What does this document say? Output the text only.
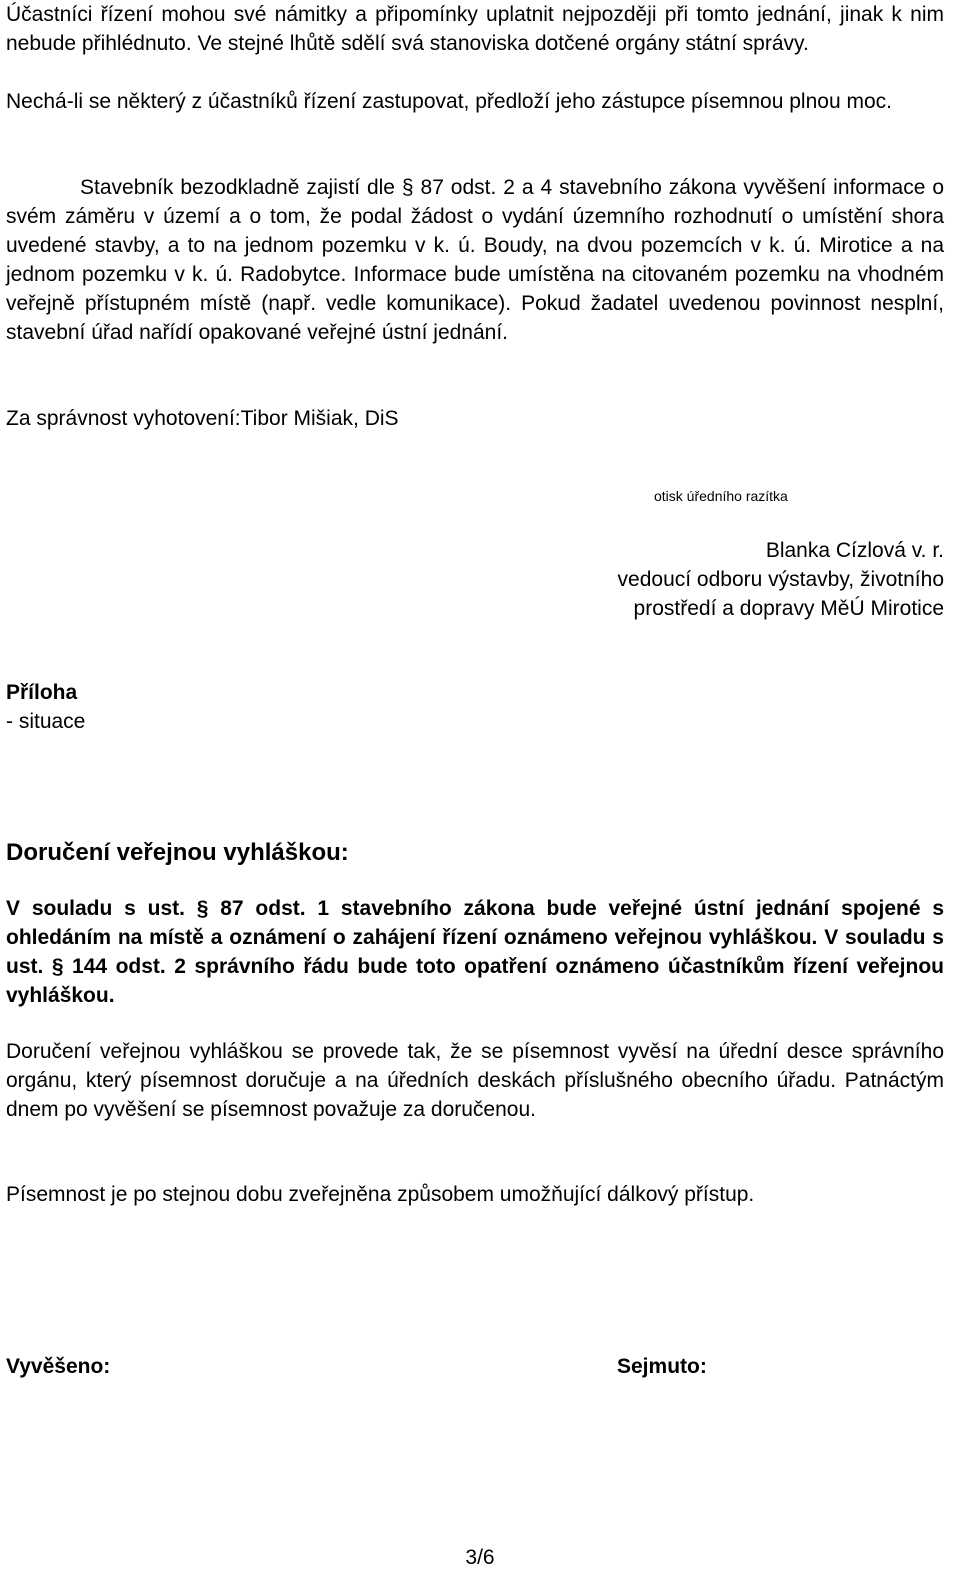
Účastníci řízení mohou své námitky a připomínky uplatnit nejpozději při tomto jednání, jinak k nim nebude přihlédnuto. Ve stejné lhůtě sdělí svá stanoviska dotčené orgány státní správy.
Nechá-li se některý z účastníků řízení zastupovat, předloží jeho zástupce písemnou plnou moc.
Stavebník bezodkladně zajistí dle § 87 odst. 2 a 4 stavebního zákona vyvěšení informace o svém záměru v území a o tom, že podal žádost o vydání územního rozhodnutí o umístění shora uvedené stavby, a to na jednom pozemku v k. ú. Boudy, na dvou pozemcích v k. ú. Mirotice a na jednom pozemku v k. ú. Radobytce. Informace bude umístěna na citovaném pozemku na vhodném veřejně přístupném místě (např. vedle komunikace). Pokud žadatel uvedenou povinnost nesplní, stavební úřad nařídí opakované veřejné ústní jednání.
Za správnost vyhotovení:Tibor Mišiak, DiS
otisk úředního razítka
Blanka Cízlová v. r.
vedoucí odboru výstavby, životního
prostředí a dopravy MěÚ Mirotice
Příloha
- situace
Doručení veřejnou vyhláškou:
V souladu s ust. § 87 odst. 1 stavebního zákona bude veřejné ústní jednání spojené s ohledáním na místě a oznámení o zahájení řízení oznámeno veřejnou vyhláškou. V souladu s ust. § 144 odst. 2 správního řádu bude toto opatření oznámeno účastníkům řízení veřejnou vyhláškou.
Doručení veřejnou vyhláškou se provede tak, že se písemnost vyvěsí na úřední desce správního orgánu, který písemnost doručuje a na úředních deskách příslušného obecního úřadu. Patnáctým dnem po vyvěšení se písemnost považuje za doručenou.
Písemnost je po stejnou dobu zveřejněna způsobem umožňující dálkový přístup.
Vyvěšeno:	Sejmuto:
3/6
